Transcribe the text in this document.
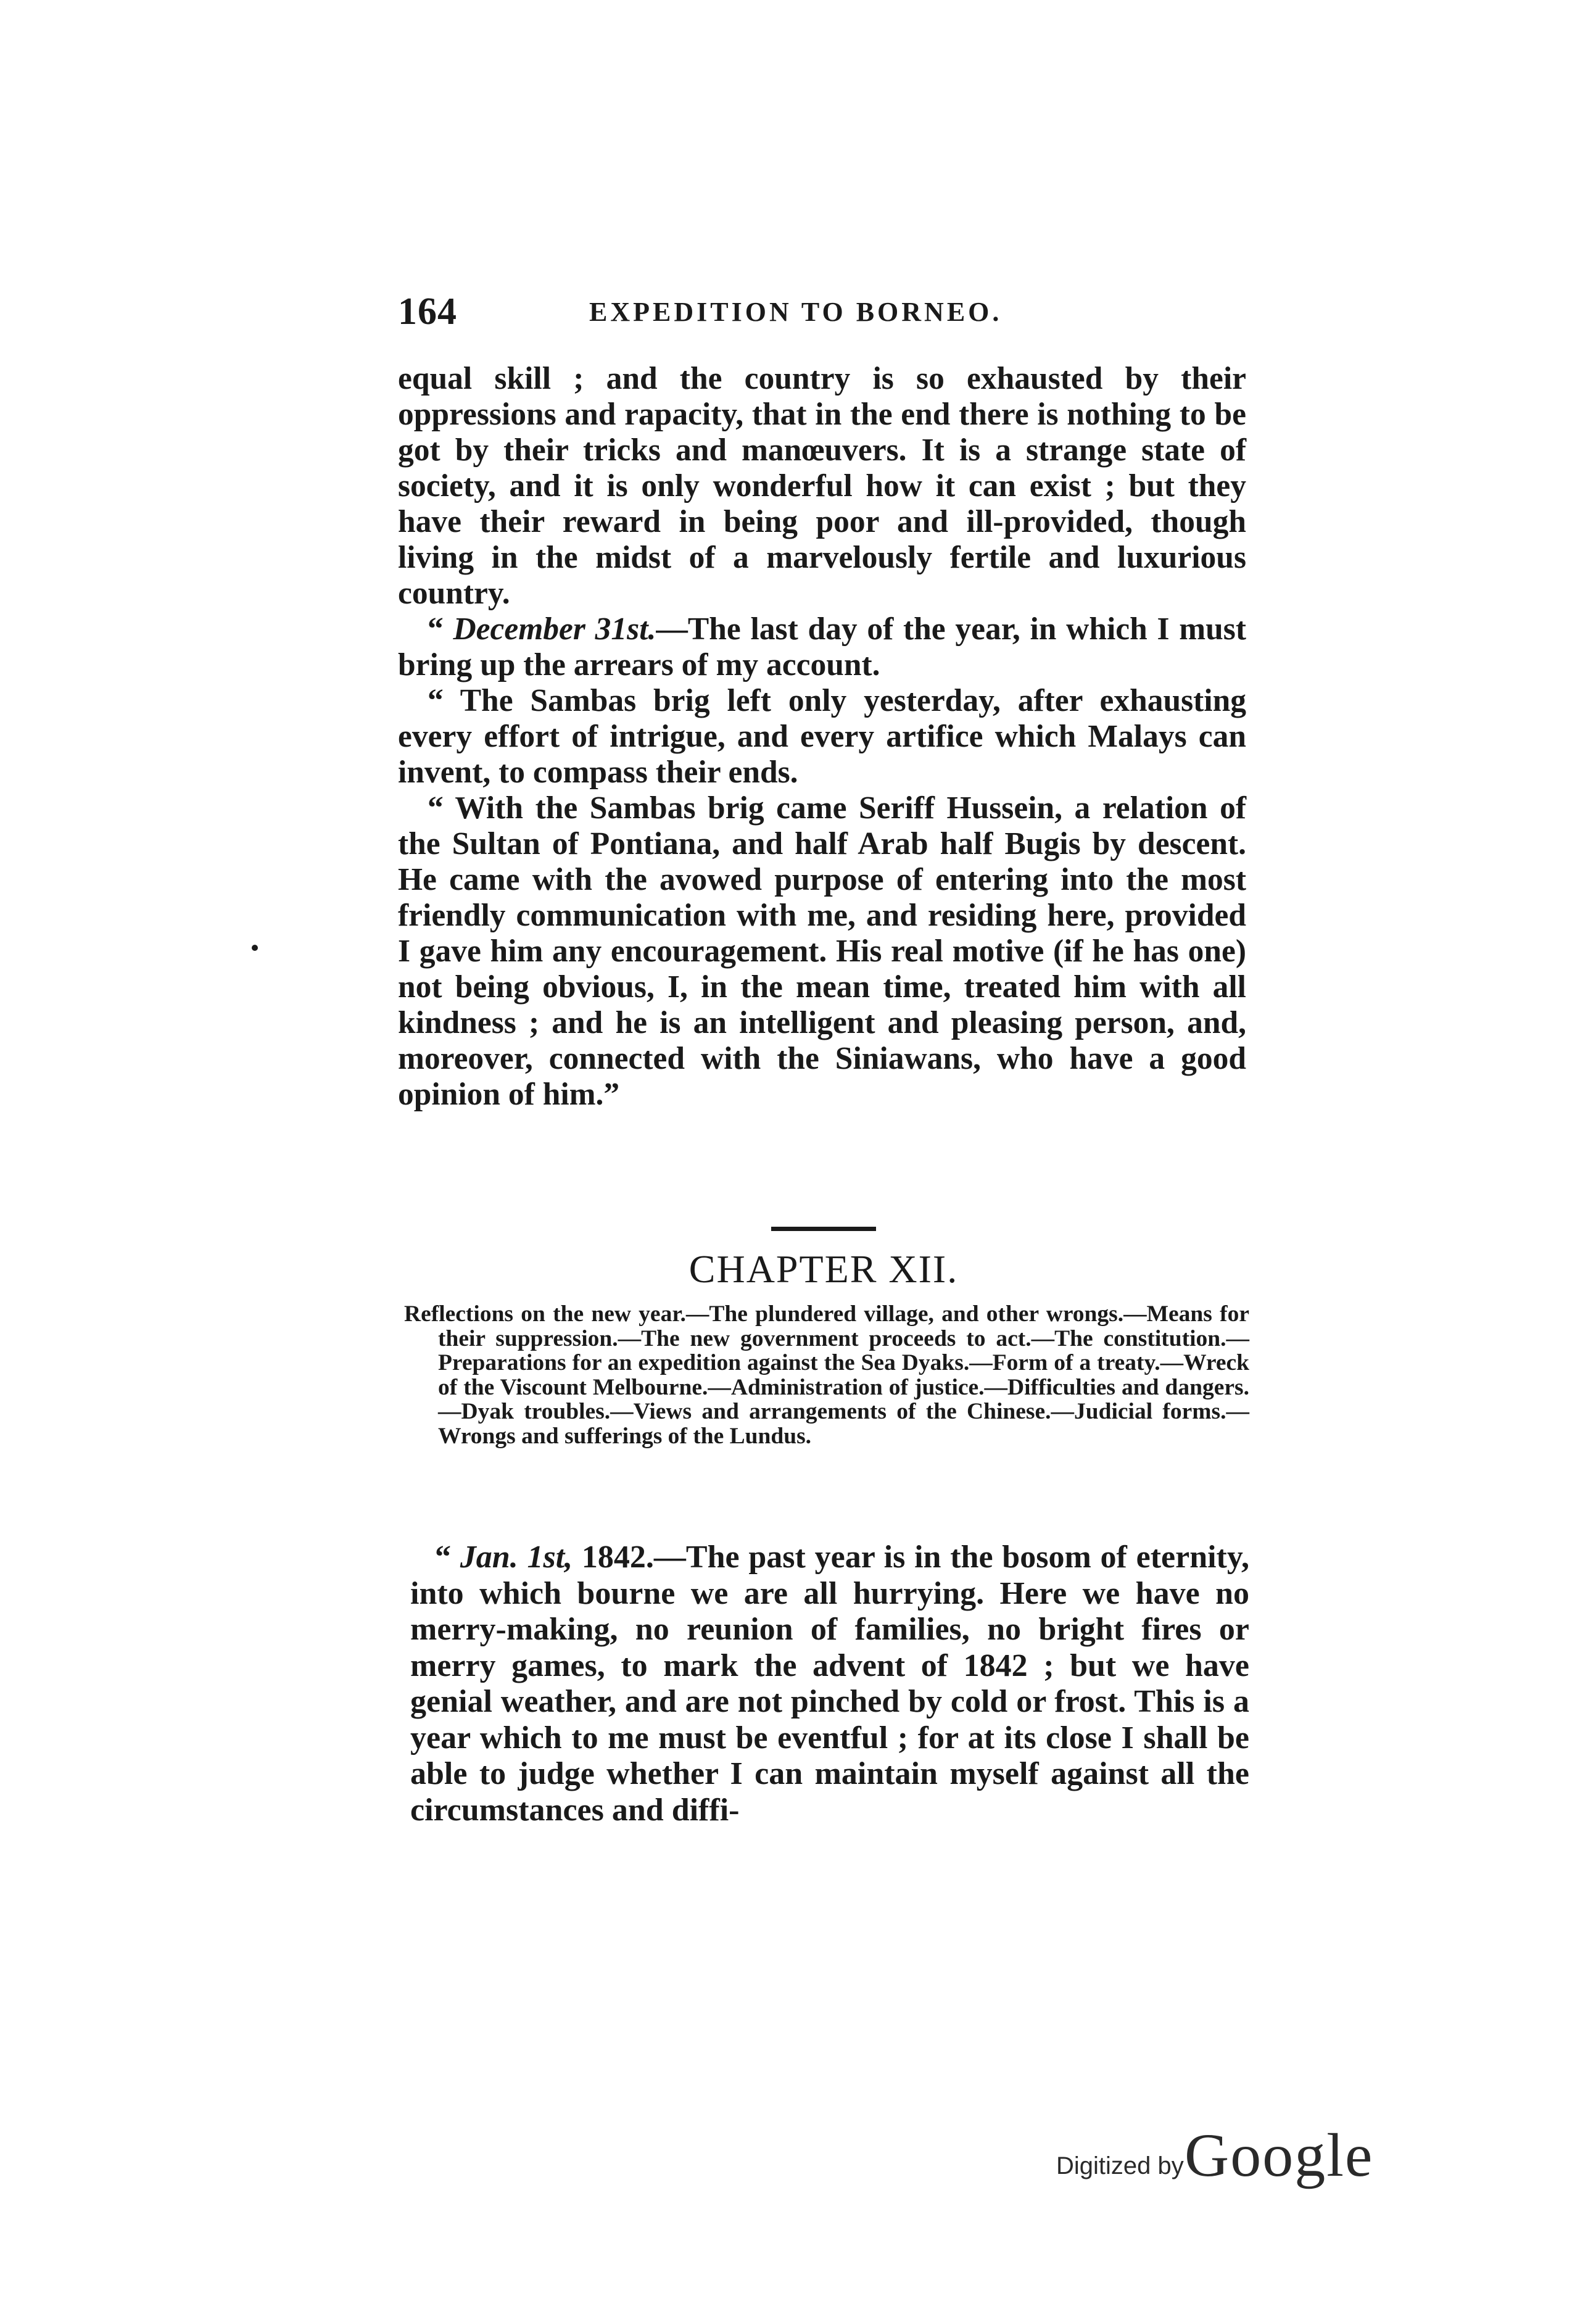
164	EXPEDITION TO BORNEO.

equal skill ; and the country is so exhausted by their oppressions and rapacity, that in the end there is nothing to be got by their tricks and manœuvers. It is a strange state of society, and it is only wonderful how it can exist ; but they have their reward in being poor and ill-provided, though living in the midst of a marvelously fertile and luxurious country.

“ December 31st.—The last day of the year, in which I must bring up the arrears of my account.

“ The Sambas brig left only yesterday, after exhausting every effort of intrigue, and every artifice which Malays can invent, to compass their ends.

“ With the Sambas brig came Seriff Hussein, a relation of the Sultan of Pontiana, and half Arab half Bugis by descent. He came with the avowed purpose of entering into the most friendly communication with me, and residing here, provided I gave him any encouragement. His real motive (if he has one) not being obvious, I, in the mean time, treated him with all kindness ; and he is an intelligent and pleasing person, and, moreover, connected with the Siniawans, who have a good opinion of him.”

CHAPTER XII.
Reflections on the new year.—The plundered village, and other wrongs.—Means for their suppression.—The new government proceeds to act.—The constitution.—Preparations for an expedition against the Sea Dyaks.—Form of a treaty.—Wreck of the Viscount Melbourne.—Administration of justice.—Difficulties and dangers.—Dyak troubles.—Views and arrangements of the Chinese.—Judicial forms.—Wrongs and sufferings of the Lundus.

“ Jan. 1st, 1842.—The past year is in the bosom of eternity, into which bourne we are all hurrying. Here we have no merry-making, no reunion of families, no bright fires or merry games, to mark the advent of 1842 ; but we have genial weather, and are not pinched by cold or frost. This is a year which to me must be eventful ; for at its close I shall be able to judge whether I can maintain myself against all the circumstances and diffi-

Digitized by Google
